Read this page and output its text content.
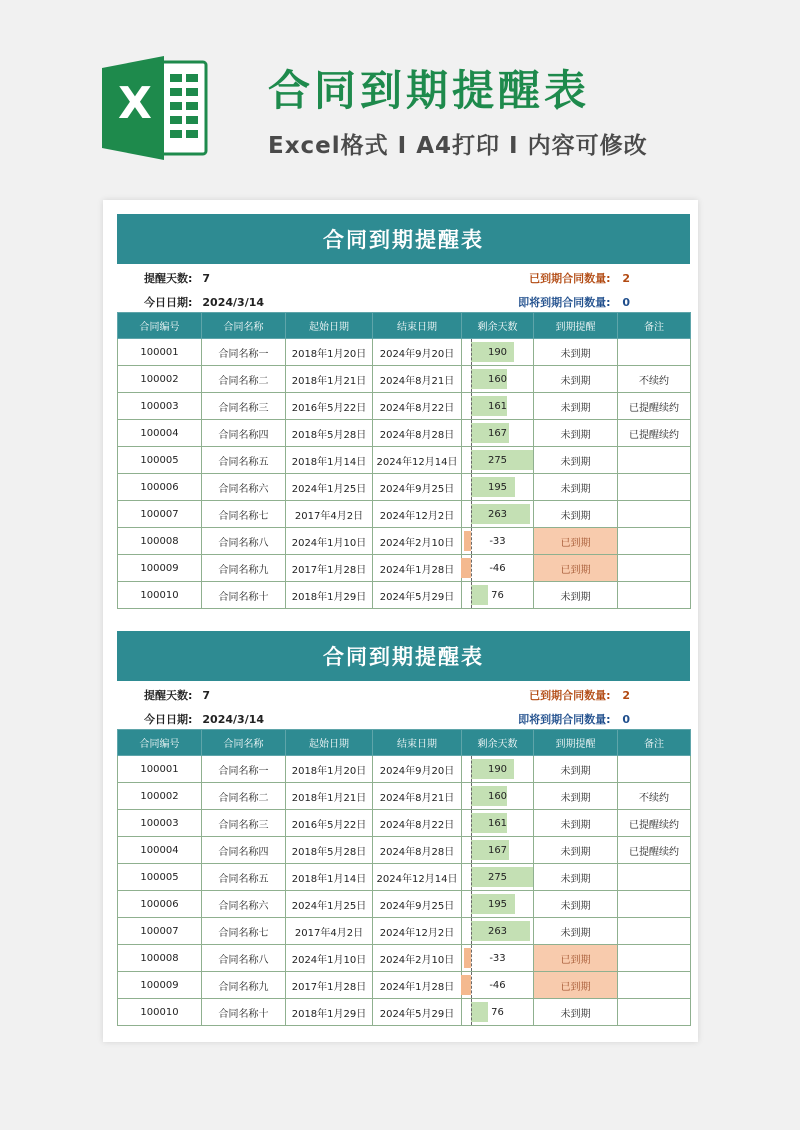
X	合同到期提醒表
Excel格式 I A4打印 I 内容可修改
合同到期提醒表
提醒天数: 7	已到期合同数量: 2
今日日期: 2024/3/14	即将到期合同数量: 0
合同编号	合同名称	起始日期	结束日期	剩余天数	到期提醒	备注
100001	合同名称一	2018年1月20日	2024年9月20日	190	未到期	
100002	合同名称二	2018年1月21日	2024年8月21日	160	未到期	不续约
100003	合同名称三	2016年5月22日	2024年8月22日	161	未到期	已提醒续约
100004	合同名称四	2018年5月28日	2024年8月28日	167	未到期	已提醒续约
100005	合同名称五	2018年1月14日	2024年12月14日	275	未到期	
100006	合同名称六	2024年1月25日	2024年9月25日	195	未到期	
100007	合同名称七	2017年4月2日	2024年12月2日	263	未到期	
100008	合同名称八	2024年1月10日	2024年2月10日	-33	已到期	
100009	合同名称九	2017年1月28日	2024年1月28日	-46	已到期	
100010	合同名称十	2018年1月29日	2024年5月29日	76	未到期	
合同到期提醒表
提醒天数: 7	已到期合同数量: 2
今日日期: 2024/3/14	即将到期合同数量: 0
合同编号	合同名称	起始日期	结束日期	剩余天数	到期提醒	备注
100001	合同名称一	2018年1月20日	2024年9月20日	190	未到期	
100002	合同名称二	2018年1月21日	2024年8月21日	160	未到期	不续约
100003	合同名称三	2016年5月22日	2024年8月22日	161	未到期	已提醒续约
100004	合同名称四	2018年5月28日	2024年8月28日	167	未到期	已提醒续约
100005	合同名称五	2018年1月14日	2024年12月14日	275	未到期	
100006	合同名称六	2024年1月25日	2024年9月25日	195	未到期	
100007	合同名称七	2017年4月2日	2024年12月2日	263	未到期	
100008	合同名称八	2024年1月10日	2024年2月10日	-33	已到期	
100009	合同名称九	2017年1月28日	2024年1月28日	-46	已到期	
100010	合同名称十	2018年1月29日	2024年5月29日	76	未到期	
